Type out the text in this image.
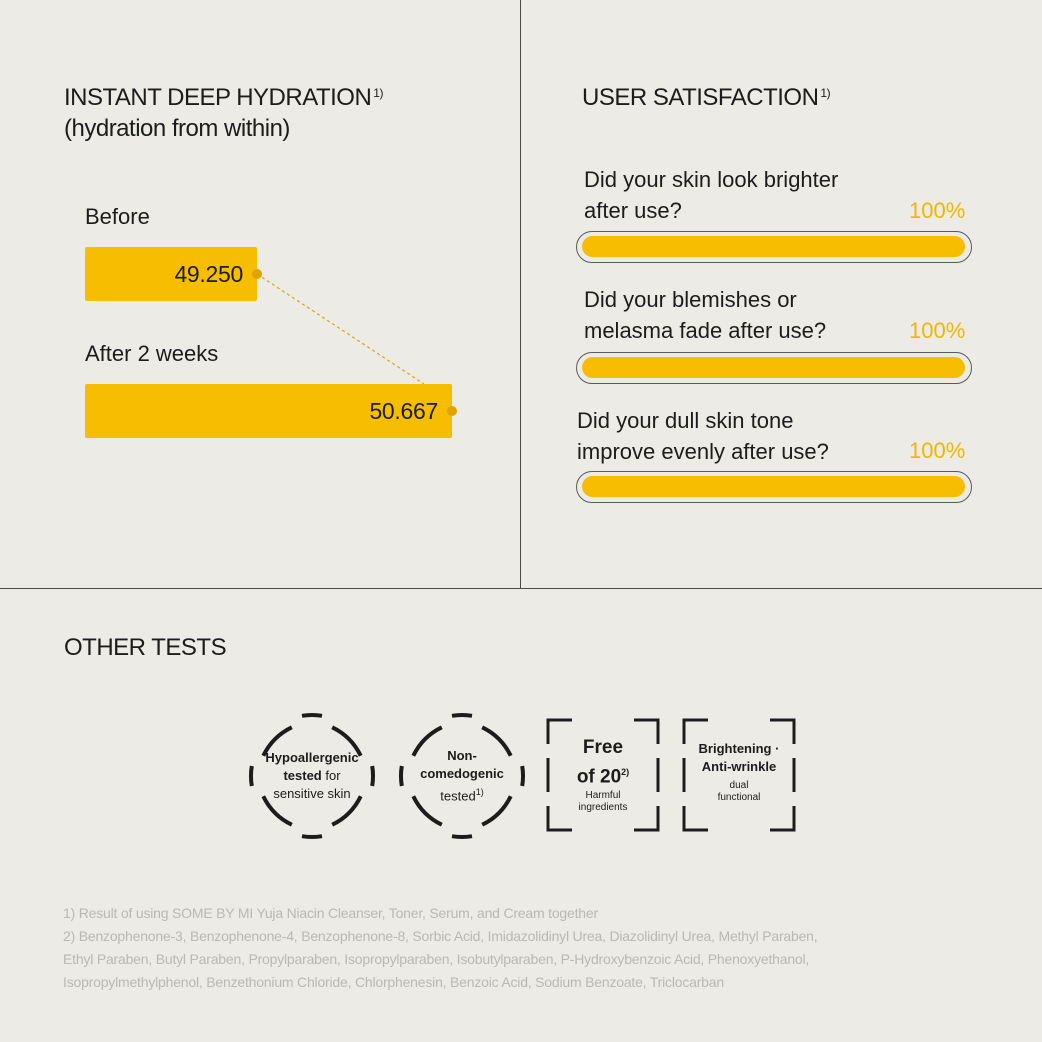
INSTANT DEEP HYDRATION $^{1)}$
(hydration from within)
Before
49.250
After 2 weeks
50.667
USER SATISFACTION $^{1)}$
Did your skin look brighter
after use?	100%
Did your blemishes or
melasma fade after use?	100%
Did your dull skin tone
improve evenly after use?	100%
OTHER TESTS
Hypoallergenic
tested for
sensitive skin
Non-
comedogenic
tested$^{1)}$
Free
of 20$^{2)}$
Harmful
ingredients
Brightening ·
Anti-wrinkle
dual
functional

1) Result of using SOME BY MI Yuja Niacin Cleanser, Toner, Serum, and Cream together

2) Benzophenone-3, Benzophenone-4, Benzophenone-8, Sorbic Acid, Imidazolidinyl Urea, Diazolidinyl Urea, Methyl Paraben,

Ethyl Paraben, Butyl Paraben, Propylparaben, Isopropylparaben, Isobutylparaben, P-Hydroxybenzoic Acid, Phenoxyethanol,

Isopropylmethylphenol, Benzethonium Chloride, Chlorphenesin, Benzoic Acid, Sodium Benzoate, Triclocarban
